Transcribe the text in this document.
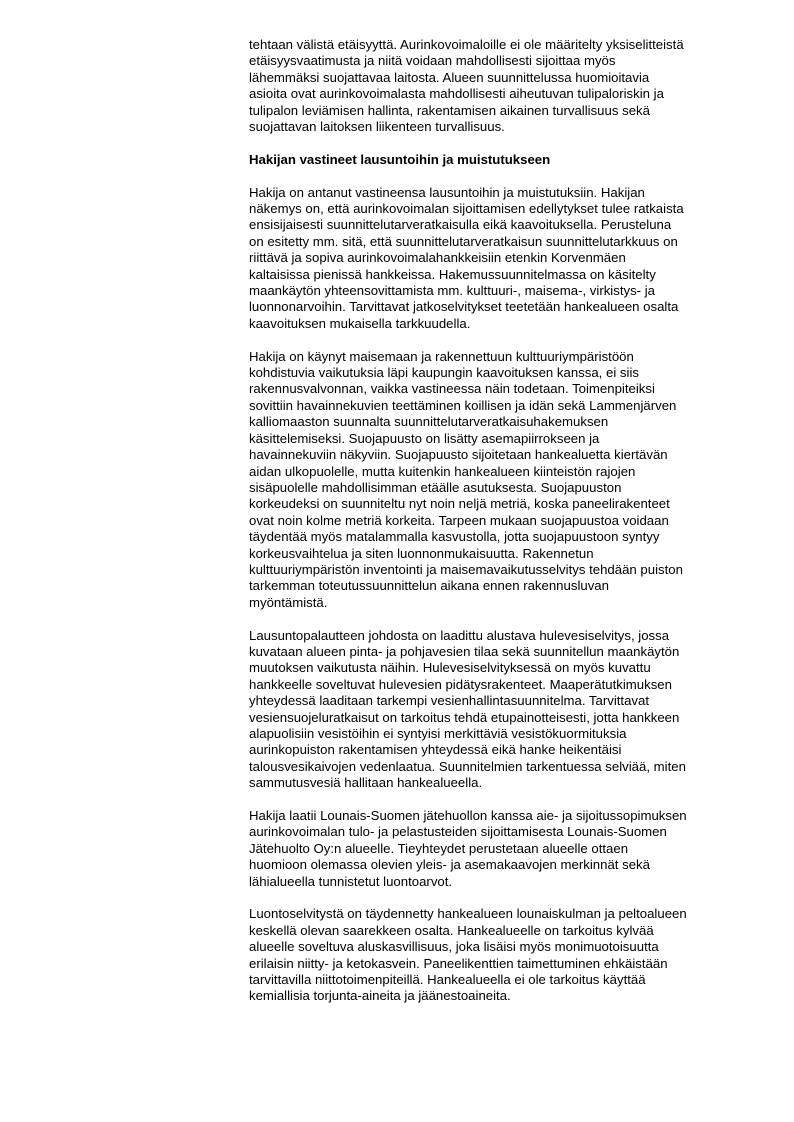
tehtaan välistä etäisyyttä. Aurinkovoimaloille ei ole määritelty yksiselitteistä
etäisyysvaatimusta ja niitä voidaan mahdollisesti sijoittaa myös
lähemmäksi suojattavaa laitosta. Alueen suunnittelussa huomioitavia
asioita ovat aurinkovoimalasta mahdollisesti aiheutuvan tulipaloriskin ja
tulipalon leviämisen hallinta, rakentamisen aikainen turvallisuus sekä
suojattavan laitoksen liikenteen turvallisuus.
Hakijan vastineet lausuntoihin ja muistutukseen
Hakija on antanut vastineensa lausuntoihin ja muistutuksiin. Hakijan
näkemys on, että aurinkovoimalan sijoittamisen edellytykset tulee ratkaista
ensisijaisesti suunnittelutarveratkaisulla eikä kaavoituksella. Perusteluna
on esitetty mm. sitä, että suunnittelutarveratkaisun suunnittelutarkkuus on
riittävä ja sopiva aurinkovoimalahankkeisiin etenkin Korvenmäen
kaltaisissa pienissä hankkeissa. Hakemussuunnitelmassa on käsitelty
maankäytön yhteensovittamista mm. kulttuuri-, maisema-, virkistys- ja
luonnonarvoihin. Tarvittavat jatkoselvitykset teetetään hankealueen osalta
kaavoituksen mukaisella tarkkuudella.
Hakija on käynyt maisemaan ja rakennettuun kulttuuriympäristöön
kohdistuvia vaikutuksia läpi kaupungin kaavoituksen kanssa, ei siis
rakennusvalvonnan, vaikka vastineessa näin todetaan. Toimenpiteiksi
sovittiin havainnekuvien teettäminen koillisen ja idän sekä Lammenjärven
kalliomaaston suunnalta suunnittelutarveratkaisuhakemuksen
käsittelemiseksi. Suojapuusto on lisätty asemapiirrokseen ja
havainnekuviin näkyviin. Suojapuusto sijoitetaan hankealuetta kiertävän
aidan ulkopuolelle, mutta kuitenkin hankealueen kiinteistön rajojen
sisäpuolelle mahdollisimman etäälle asutuksesta. Suojapuuston
korkeudeksi on suunniteltu nyt noin neljä metriä, koska paneelirakenteet
ovat noin kolme metriä korkeita. Tarpeen mukaan suojapuustoa voidaan
täydentää myös matalammalla kasvustolla, jotta suojapuustoon syntyy
korkeusvaihtelua ja siten luonnonmukaisuutta. Rakennetun
kulttuuriympäristön inventointi ja maisemavaikutusselvitys tehdään puiston
tarkemman toteutussuunnittelun aikana ennen rakennusluvan
myöntämistä.
Lausuntopalautteen johdosta on laadittu alustava hulevesiselvitys, jossa
kuvataan alueen pinta- ja pohjavesien tilaa sekä suunnitellun maankäytön
muutoksen vaikutusta näihin. Hulevesiselvityksessä on myös kuvattu
hankkeelle soveltuvat hulevesien pidätysrakenteet. Maaperätutkimuksen
yhteydessä laaditaan tarkempi vesienhallintasuunnitelma. Tarvittavat
vesiensuojeluratkaisut on tarkoitus tehdä etupainotteisesti, jotta hankkeen
alapuolisiin vesistöihin ei syntyisi merkittäviä vesistökuormituksia
aurinkopuiston rakentamisen yhteydessä eikä hanke heikentäisi
talousvesikaivojen vedenlaatua. Suunnitelmien tarkentuessa selviää, miten
sammutusvesiä hallitaan hankealueella.
Hakija laatii Lounais-Suomen jätehuollon kanssa aie- ja sijoitussopimuksen
aurinkovoimalan tulo- ja pelastusteiden sijoittamisesta Lounais-Suomen
Jätehuolto Oy:n alueelle. Tieyhteydet perustetaan alueelle ottaen
huomioon olemassa olevien yleis- ja asemakaavojen merkinnät sekä
lähialueella tunnistetut luontoarvot.
Luontoselvitystä on täydennetty hankealueen lounaiskulman ja peltoalueen
keskellä olevan saarekkeen osalta. Hankealueelle on tarkoitus kylvää
alueelle soveltuva aluskasvillisuus, joka lisäisi myös monimuotoisuutta
erilaisin niitty- ja ketokasvein. Paneelikenttien taimettuminen ehkäistään
tarvittavilla niittotoimenpiteillä. Hankealueella ei ole tarkoitus käyttää
kemiallisia torjunta-aineita ja jäänestoaineita.
